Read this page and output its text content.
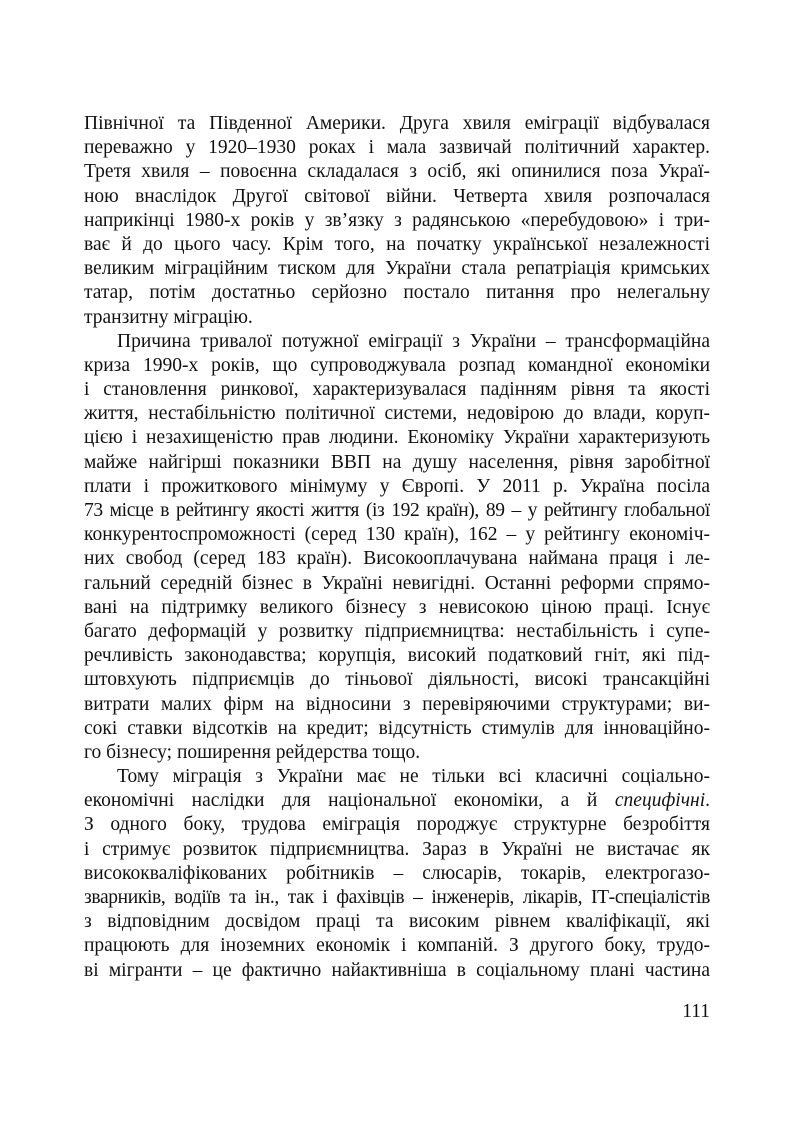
Північної та Південної Америки. Друга хвиля еміграції відбувалася
переважно у 1920–1930 роках і мала зазвичай політичний характер.
Третя хвиля – повоєнна складалася з осіб, які опинилися поза Украї-
ною внаслідок Другої світової війни. Четверта хвиля розпочалася
наприкінці 1980-х років у зв’язку з радянською «перебудовою» і три-
ває й до цього часу. Крім того, на початку української незалежності
великим міграційним тиском для України стала репатріація кримських
татар, потім достатньо серйозно постало питання про нелегальну
транзитну міграцію.
Причина тривалої потужної еміграції з України – трансформаційна
криза 1990-х років, що супроводжувала розпад командної економіки
і становлення ринкової, характеризувалася падінням рівня та якості
життя, нестабільністю політичної системи, недовірою до влади, коруп-
цією і незахищеністю прав людини. Економіку України характеризують
майже найгірші показники ВВП на душу населення, рівня заробітної
плати і прожиткового мінімуму у Європі. У 2011 р. Україна посіла
73 місце в рейтингу якості життя (із 192 країн), 89 – у рейтингу глобальної
конкурентоспроможності (серед 130 країн), 162 – у рейтингу економіч-
них свобод (серед 183 країн). Високооплачувана наймана праця і ле-
гальний середній бізнес в Україні невигідні. Останні реформи спрямо-
вані на підтримку великого бізнесу з невисокою ціною праці. Існує
багато деформацій у розвитку підприємництва: нестабільність і супе-
речливість законодавства; корупція, високий податковий гніт, які під-
штовхують підприємців до тіньової діяльності, високі трансакційні
витрати малих фірм на відносини з перевіряючими структурами; ви-
сокі ставки відсотків на кредит; відсутність стимулів для інноваційно-
го бізнесу; поширення рейдерства тощо.
Тому міграція з України має не тільки всі класичні соціально-
економічні наслідки для національної економіки, а й специфічні.
З одного боку, трудова еміграція породжує структурне безробіття
і стримує розвиток підприємництва. Зараз в Україні не вистачає як
висококваліфікованих робітників – слюсарів, токарів, електрогазо-
зварників, водіїв та ін., так і фахівців – інженерів, лікарів, ІТ-спеціалістів
з відповідним досвідом праці та високим рівнем кваліфікації, які
працюють для іноземних економік і компаній. З другого боку, трудо-
ві мігранти – це фактично найактивніша в соціальному плані частина
111
